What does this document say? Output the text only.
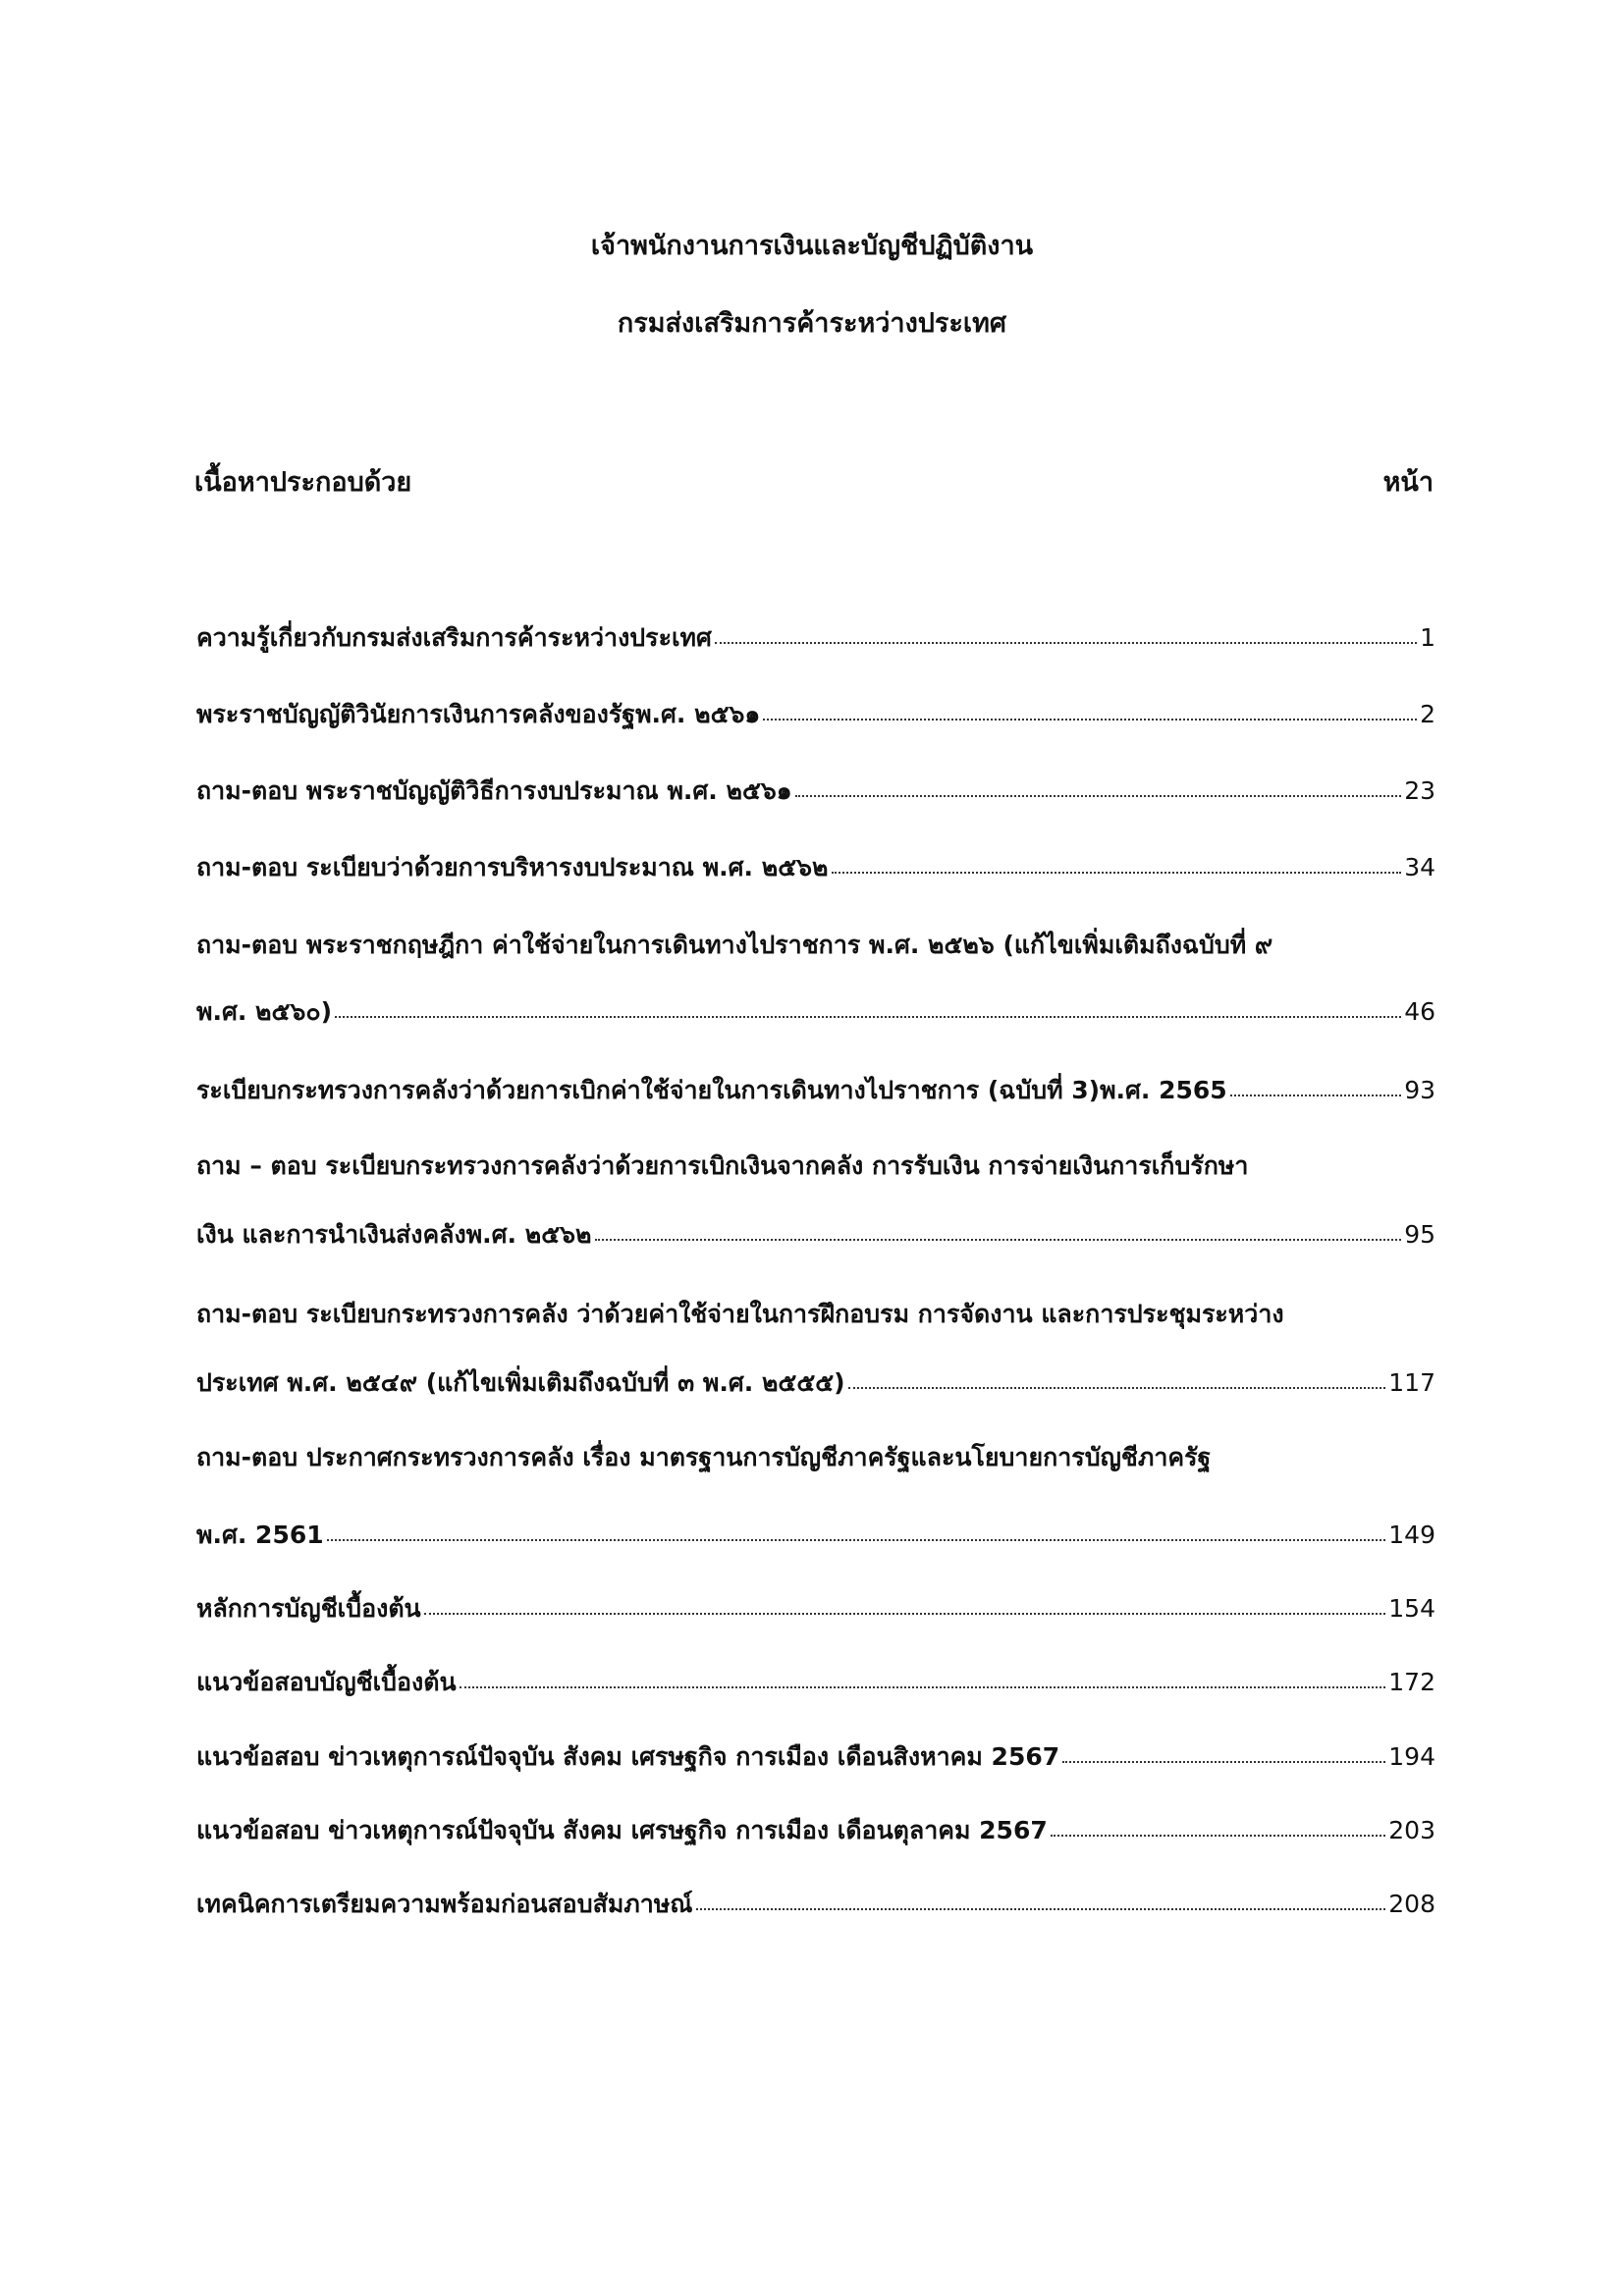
เจ้าพนักงานการเงินและบัญชีปฏิบัติงาน
กรมส่งเสริมการค้าระหว่างประเทศ
เนื้อหาประกอบด้วย	หน้า
ความรู้เกี่ยวกับกรมส่งเสริมการค้าระหว่างประเทศ	1
พระราชบัญญัติวินัยการเงินการคลังของรัฐพ.ศ. ๒๕๖๑	2
ถาม-ตอบ พระราชบัญญัติวิธีการงบประมาณ พ.ศ. ๒๕๖๑	23
ถาม-ตอบ ระเบียบว่าด้วยการบริหารงบประมาณ พ.ศ. ๒๕๖๒	34
ถาม-ตอบ พระราชกฤษฎีกา ค่าใช้จ่ายในการเดินทางไปราชการ พ.ศ. ๒๕๒๖ (แก้ไขเพิ่มเติมถึงฉบับที่ ๙
พ.ศ. ๒๕๖๐)	46
ระเบียบกระทรวงการคลังว่าด้วยการเบิกค่าใช้จ่ายในการเดินทางไปราชการ (ฉบับที่ 3)พ.ศ. 2565	93
ถาม – ตอบ ระเบียบกระทรวงการคลังว่าด้วยการเบิกเงินจากคลัง การรับเงิน การจ่ายเงินการเก็บรักษา
เงิน และการนำเงินส่งคลังพ.ศ. ๒๕๖๒	95
ถาม-ตอบ ระเบียบกระทรวงการคลัง ว่าด้วยค่าใช้จ่ายในการฝึกอบรม การจัดงาน และการประชุมระหว่าง
ประเทศ พ.ศ. ๒๕๔๙ (แก้ไขเพิ่มเติมถึงฉบับที่ ๓ พ.ศ. ๒๕๕๕)	117
ถาม-ตอบ ประกาศกระทรวงการคลัง เรื่อง มาตรฐานการบัญชีภาครัฐและนโยบายการบัญชีภาครัฐ
พ.ศ. 2561	149
หลักการบัญชีเบื้องต้น	154
แนวข้อสอบบัญชีเบื้องต้น	172
แนวข้อสอบ ข่าวเหตุการณ์ปัจจุบัน สังคม เศรษฐกิจ การเมือง เดือนสิงหาคม 2567	194
แนวข้อสอบ ข่าวเหตุการณ์ปัจจุบัน สังคม เศรษฐกิจ การเมือง เดือนตุลาคม 2567	203
เทคนิคการเตรียมความพร้อมก่อนสอบสัมภาษณ์	208
